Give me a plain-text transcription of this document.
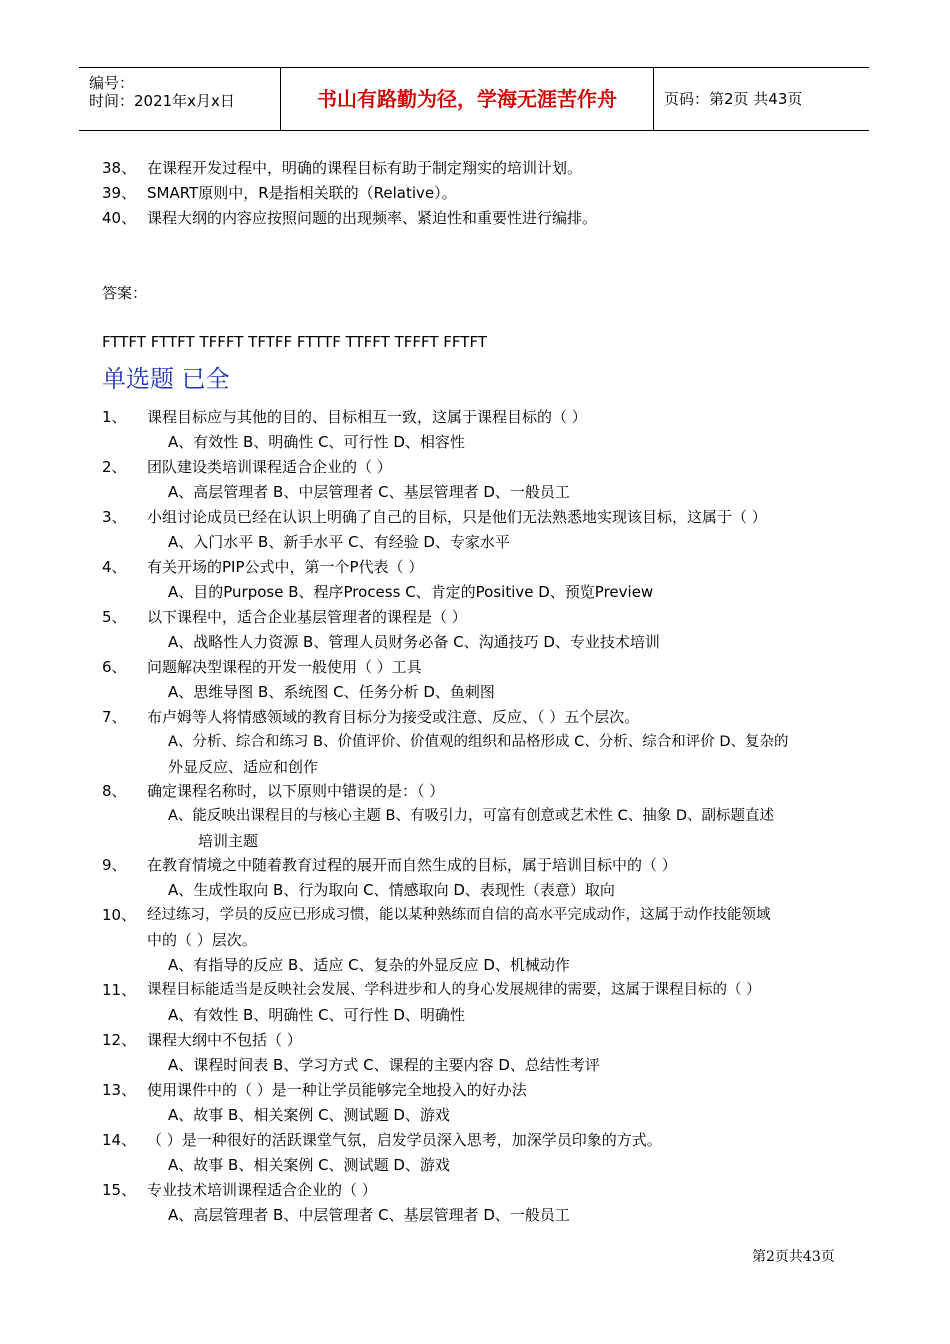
编号：
时间：2021年x月x日	书山有路勤为径，学海无涯苦作舟	页码：第2页 共43页
38、 在课程开发过程中，明确的课程目标有助于制定翔实的培训计划。
39、 SMART原则中，R是指相关联的（Relative）。
40、 课程大纲的内容应按照问题的出现频率、紧迫性和重要性进行编排。
答案：
FTTFT FTTFT TFFFT TFTFF FTTTF TTFFT TFFFT FFTFT
单选题 已全
1、 课程目标应与其他的目的、目标相互一致，这属于课程目标的（ ）
A、有效性 B、明确性 C、可行性 D、相容性
2、 团队建设类培训课程适合企业的（ ）
A、高层管理者 B、中层管理者 C、基层管理者 D、一般员工
3、 小组讨论成员已经在认识上明确了自己的目标，只是他们无法熟悉地实现该目标，这属于（ ）
A、入门水平 B、新手水平 C、有经验 D、专家水平
4、 有关开场的PIP公式中，第一个P代表（ ）
A、目的Purpose B、程序Process C、肯定的Positive D、预览Preview
5、 以下课程中，适合企业基层管理者的课程是（ ）
A、战略性人力资源 B、管理人员财务必备 C、沟通技巧 D、专业技术培训
6、 问题解决型课程的开发一般使用（ ）工具
A、思维导图 B、系统图 C、任务分析 D、鱼刺图
7、 布卢姆等人将情感领域的教育目标分为接受或注意、反应、（ ）五个层次。
A、分析、综合和练习 B、价值评价、价值观的组织和品格形成 C、分析、综合和评价 D、复杂的
外显反应、适应和创作
8、 确定课程名称时，以下原则中错误的是：（ ）
A、能反映出课程目的与核心主题 B、有吸引力，可富有创意或艺术性 C、抽象 D、副标题直述
培训主题
9、 在教育情境之中随着教育过程的展开而自然生成的目标，属于培训目标中的（ ）
A、生成性取向 B、行为取向 C、情感取向 D、表现性（表意）取向
10、 经过练习，学员的反应已形成习惯，能以某种熟练而自信的高水平完成动作，这属于动作技能领域
中的（ ）层次。
A、有指导的反应 B、适应 C、复杂的外显反应 D、机械动作
11、 课程目标能适当是反映社会发展、学科进步和人的身心发展规律的需要，这属于课程目标的（ ）
A、有效性 B、明确性 C、可行性 D、明确性
12、 课程大纲中不包括（ ）
A、课程时间表 B、学习方式 C、课程的主要内容 D、总结性考评
13、 使用课件中的（ ）是一种让学员能够完全地投入的好办法
A、故事 B、相关案例 C、测试题 D、游戏
14、 （ ）是一种很好的活跃课堂气氛，启发学员深入思考，加深学员印象的方式。
A、故事 B、相关案例 C、测试题 D、游戏
15、 专业技术培训课程适合企业的（ ）
A、高层管理者 B、中层管理者 C、基层管理者 D、一般员工
第2页共43页
